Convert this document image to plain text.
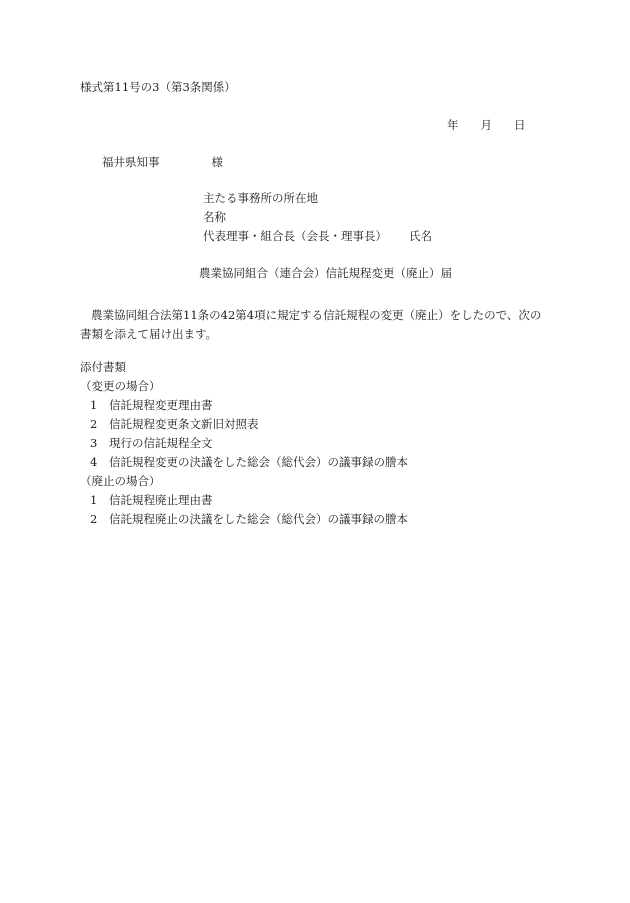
様式第11号の3（第3条関係）
年 月 日
福井県知事	様
主たる事務所の所在地
名称
代表理事・組合長（会長・理事長） 氏名
農業協同組合（連合会）信託規程変更（廃止）届
農業協同組合法第11条の42第4項に規定する信託規程の変更（廃止）をしたので、次の書類を添えて届け出ます。
添付書類
（変更の場合）
1 信託規程変更理由書
2 信託規程変更条文新旧対照表
3 現行の信託規程全文
4 信託規程変更の決議をした総会（総代会）の議事録の謄本
（廃止の場合）
1 信託規程廃止理由書
2 信託規程廃止の決議をした総会（総代会）の議事録の謄本
